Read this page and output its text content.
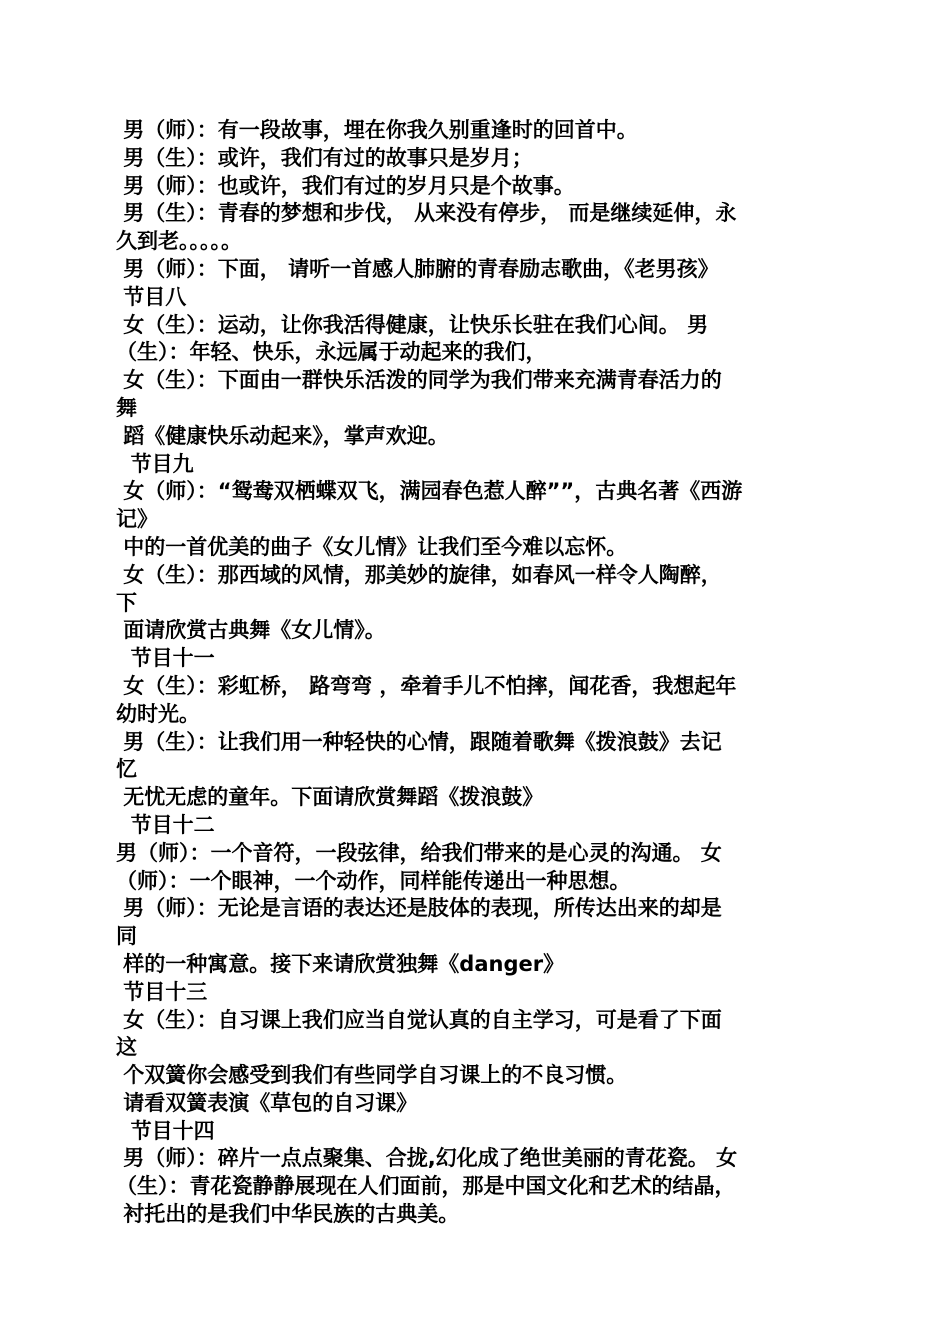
男（师）：有一段故事，埋在你我久别重逢时的回首中。
男（生）：或许，我们有过的故事只是岁月；
男（师）：也或许，我们有过的岁月只是个故事。
男（生）：青春的梦想和步伐， 从来没有停步， 而是继续延伸，永
久到老。。。。。
男（师）：下面， 请听一首感人肺腑的青春励志歌曲，《老男孩》
节目八
女（生）：运动，让你我活得健康，让快乐长驻在我们心间。 男
（生）：年轻、快乐，永远属于动起来的我们，
女（生）：下面由一群快乐活泼的同学为我们带来充满青春活力的
舞
蹈《健康快乐动起来》，掌声欢迎。
节目九
女（师）：“鸳鸯双栖蝶双飞，满园春色惹人醉””，古典名著《西游
记》
中的一首优美的曲子《女儿情》让我们至今难以忘怀。
女（生）：那西域的风情，那美妙的旋律，如春风一样令人陶醉，
下
面请欣赏古典舞《女儿情》。
节目十一
女（生）：彩虹桥， 路弯弯 ，牵着手儿不怕摔，闻花香，我想起年
幼时光。
男（生）：让我们用一种轻快的心情，跟随着歌舞《拨浪鼓》去记
忆
无忧无虑的童年。下面请欣赏舞蹈《拨浪鼓》
节目十二
男（师）：一个音符，一段弦律，给我们带来的是心灵的沟通。 女
（师）：一个眼神，一个动作，同样能传递出一种思想。
男（师）：无论是言语的表达还是肢体的表现，所传达出来的却是
同
样的一种寓意。接下来请欣赏独舞《danger》
节目十三
女（生）：自习课上我们应当自觉认真的自主学习，可是看了下面
这
个双簧你会感受到我们有些同学自习课上的不良习惯。
请看双簧表演《草包的自习课》
节目十四
男（师）：碎片一点点聚集、合拢,幻化成了绝世美丽的青花瓷。 女
（生）：青花瓷静静展现在人们面前，那是中国文化和艺术的结晶，
衬托出的是我们中华民族的古典美。
